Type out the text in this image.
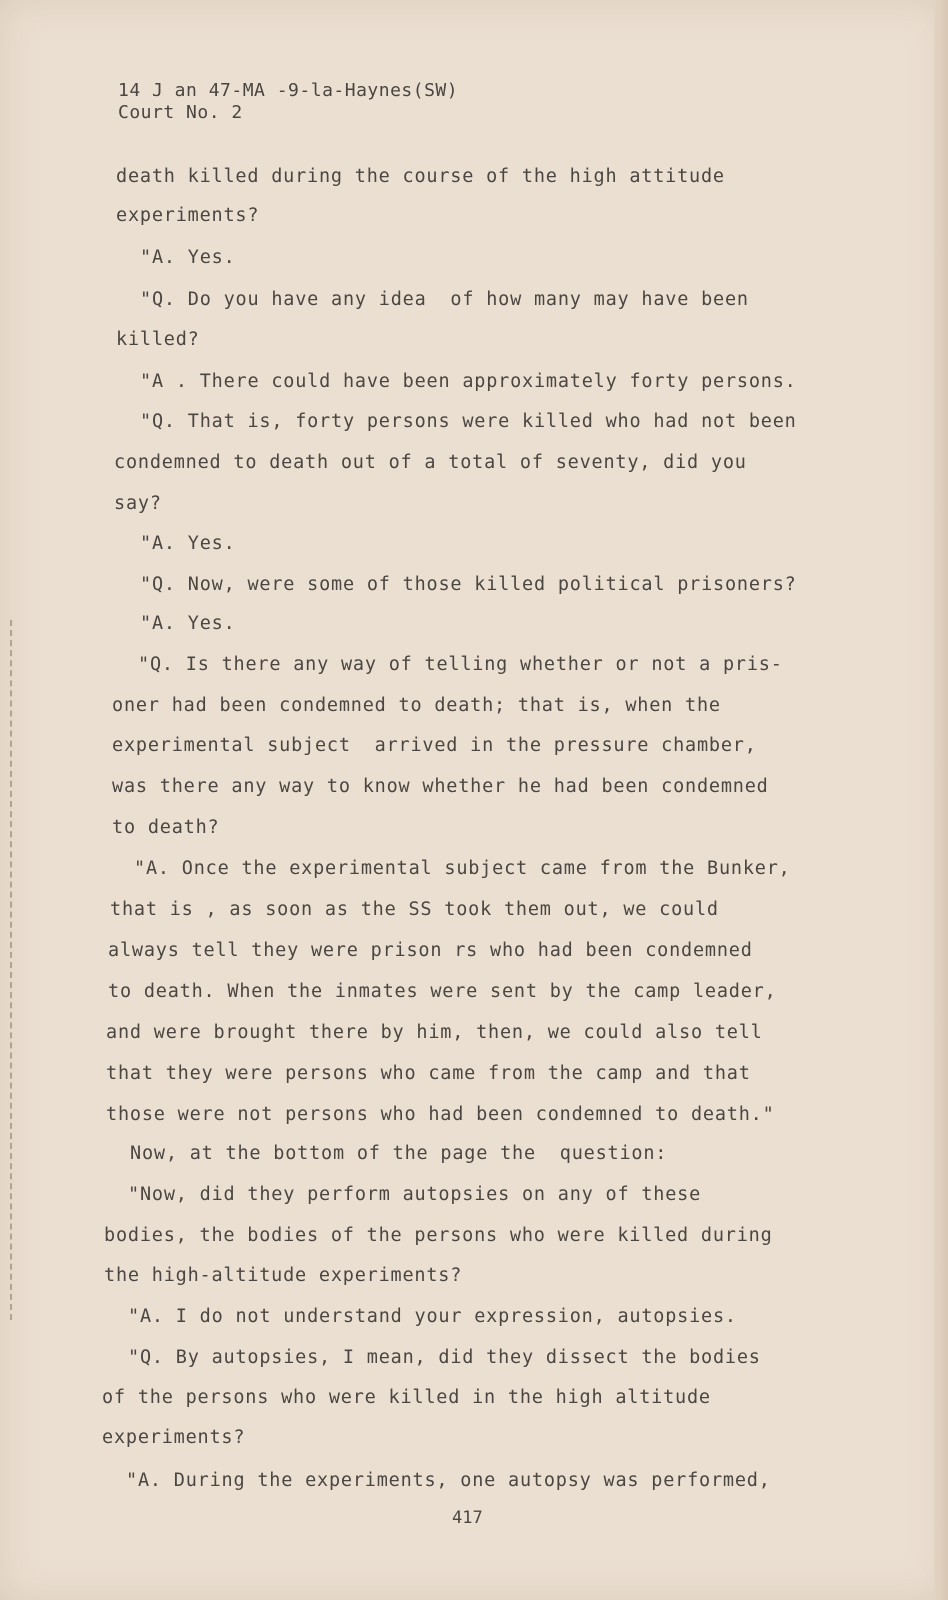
14 J an 47-MA -9-la-Haynes(SW)
Court No. 2
death killed during the course of the high attitude
experiments?
"A. Yes.
"Q. Do you have any idea  of how many may have been
killed?
"A . There could have been approximately forty persons.
"Q. That is, forty persons were killed who had not been
condemned to death out of a total of seventy, did you
say?
"A. Yes.
"Q. Now, were some of those killed political prisoners?
"A. Yes.
"Q. Is there any way of telling whether or not a pris-
oner had been condemned to death; that is, when the
experimental subject  arrived in the pressure chamber,
was there any way to know whether he had been condemned
to death?
"A. Once the experimental subject came from the Bunker,
that is , as soon as the SS took them out, we could
always tell they were prison rs who had been condemned
to death. When the inmates were sent by the camp leader,
and were brought there by him, then, we could also tell
that they were persons who came from the camp and that
those were not persons who had been condemned to death."
Now, at the bottom of the page the  question:
"Now, did they perform autopsies on any of these
bodies, the bodies of the persons who were killed during
the high-altitude experiments?
"A. I do not understand your expression, autopsies.
"Q. By autopsies, I mean, did they dissect the bodies
of the persons who were killed in the high altitude
experiments?
"A. During the experiments, one autopsy was performed,
417
